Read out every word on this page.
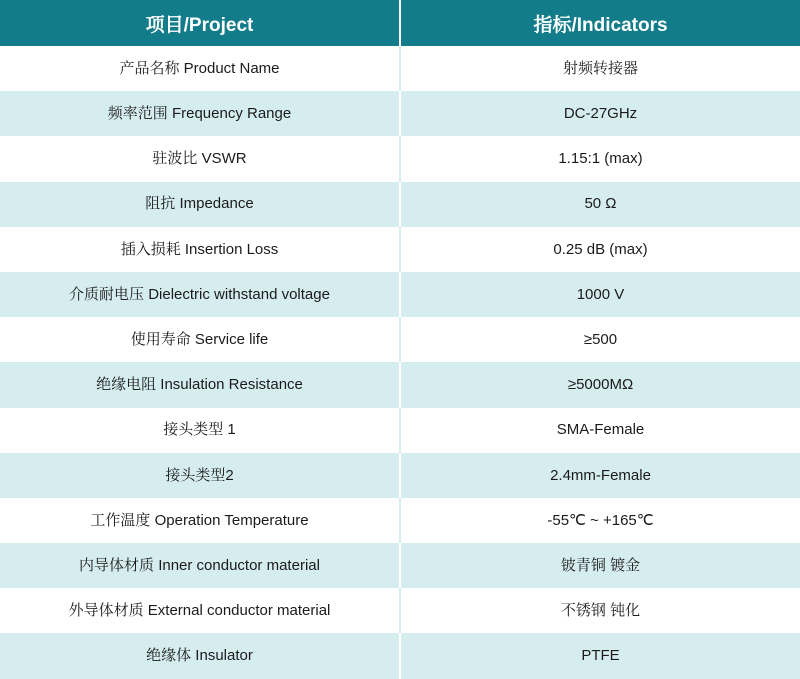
项目/Project	指标/Indicators
产品名称 Product Name	射频转接器
频率范围 Frequency Range	DC-27GHz
驻波比 VSWR	1.15:1 (max)
阻抗 Impedance	50 Ω
插入损耗 Insertion Loss	0.25 dB (max)
介质耐电压 Dielectric withstand voltage	1000 V
使用寿命 Service life	≥500
绝缘电阻 Insulation Resistance	≥5000MΩ
接头类型 1	SMA-Female
接头类型2	2.4mm-Female
工作温度 Operation Temperature	-55℃ ~ +165℃
内导体材质 Inner conductor material	铍青铜 镀金
外导体材质 External conductor material	不锈钢 钝化
绝缘体 Insulator	PTFE
